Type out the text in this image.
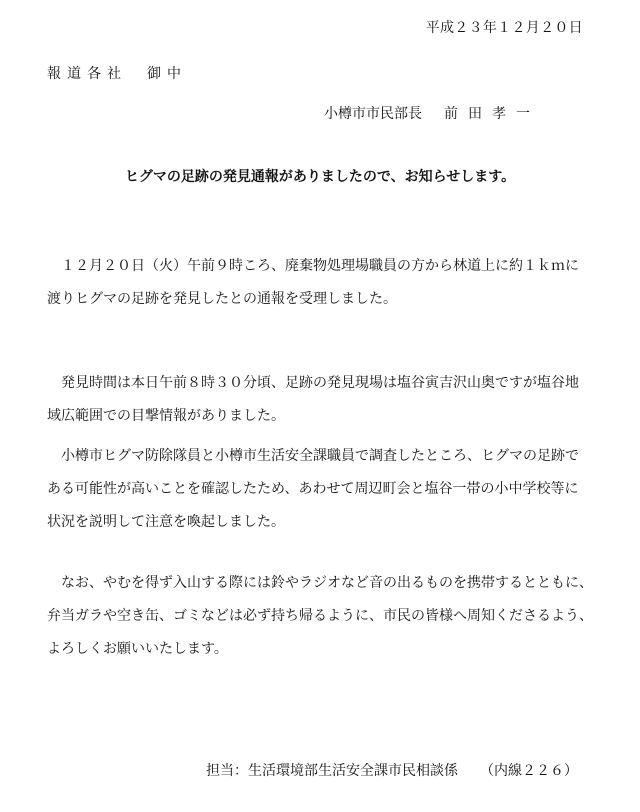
平成２３年１２月２０日
報道各社　御中
小樽市市民部長 前田孝一
ヒグマの足跡の発見通報がありましたので、お知らせします。

１２月２０日（火）午前９時ころ、廃棄物処理場職員の方から林道上に約１ｋｍに
渡りヒグマの足跡を発見したとの通報を受理しました。

発見時間は本日午前８時３０分頃、足跡の発見現場は塩谷寅吉沢山奥ですが塩谷地
域広範囲での目撃情報がありました。

小樽市ヒグマ防除隊員と小樽市生活安全課職員で調査したところ、ヒグマの足跡で
ある可能性が高いことを確認したため、あわせて周辺町会と塩谷一帯の小中学校等に
状況を説明して注意を喚起しました。

なお、やむを得ず入山する際には鈴やラジオなど音の出るものを携帯するとともに、
弁当ガラや空き缶、ゴミなどは必ず持ち帰るように、市民の皆様へ周知くださるよう、
よろしくお願いいたします。

担当：生活環境部生活安全課市民相談係 （内線２２６）
